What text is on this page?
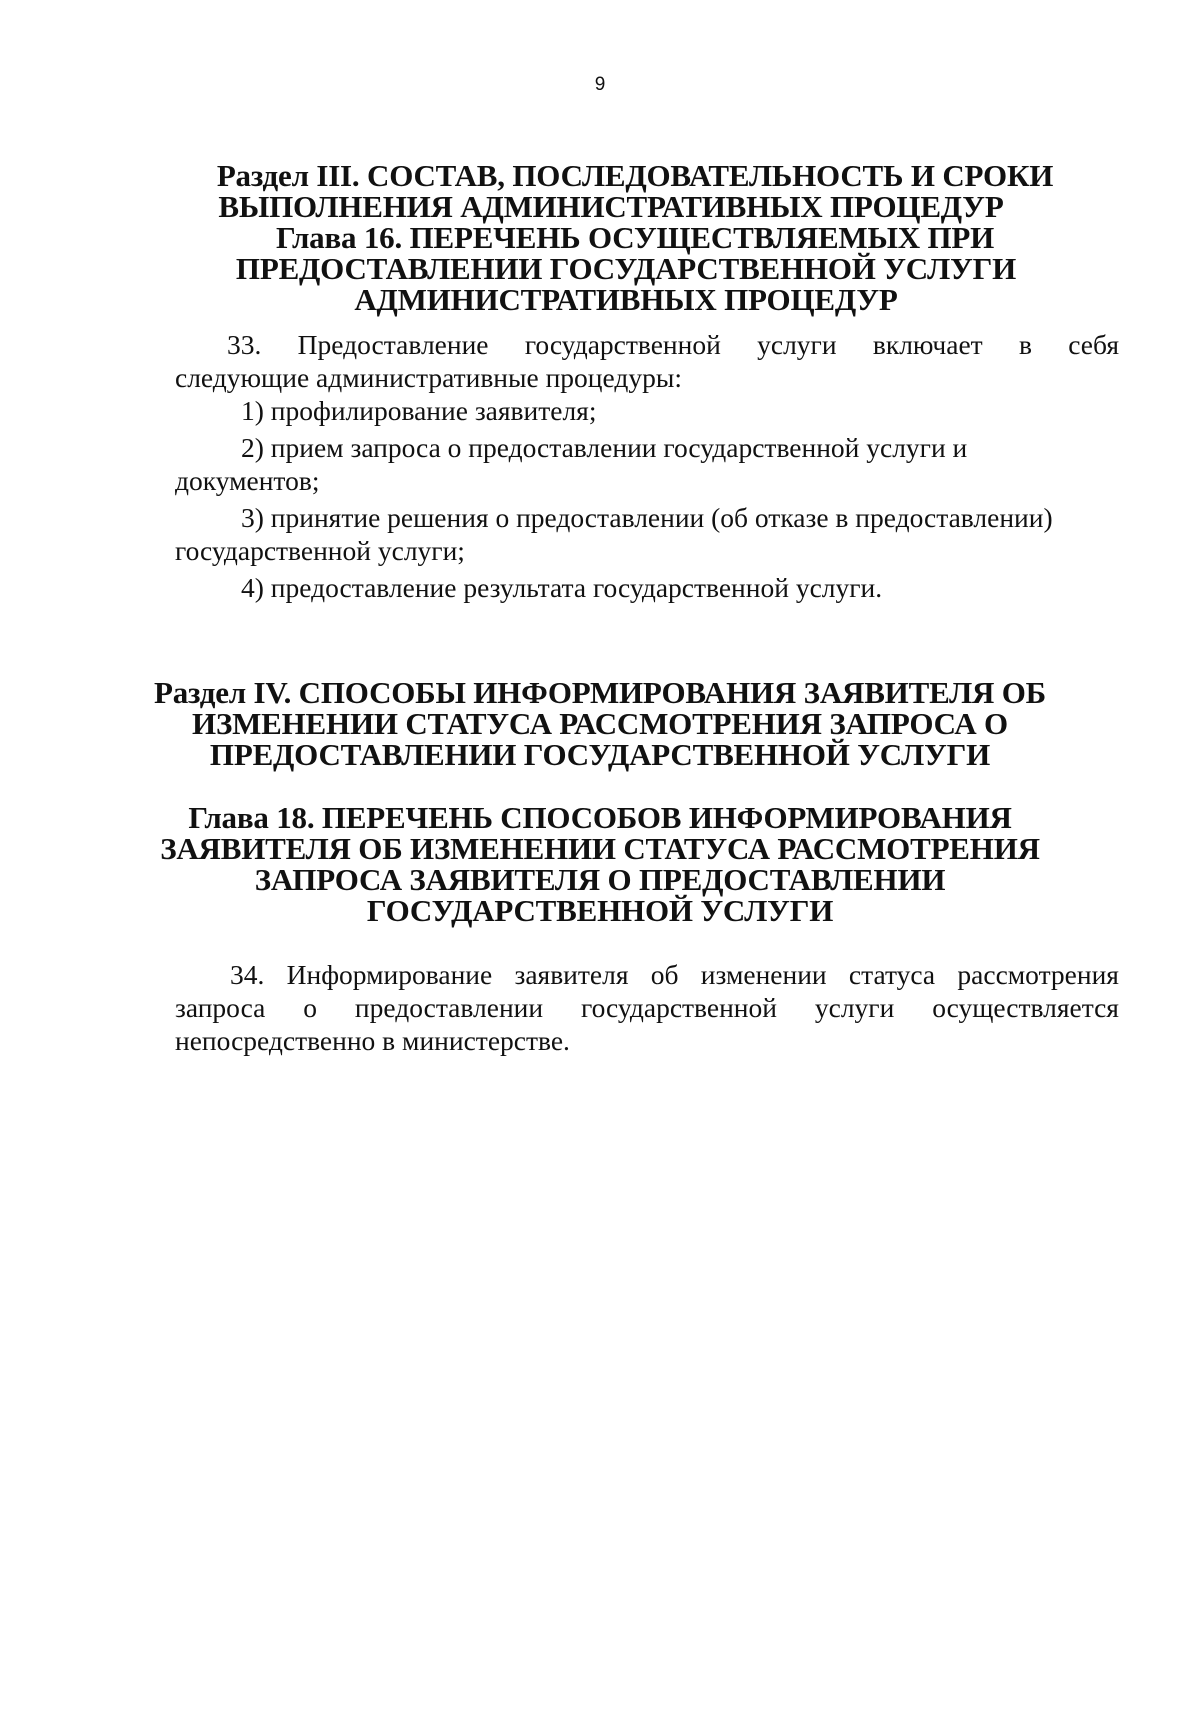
9
Раздел III. СОСТАВ, ПОСЛЕДОВАТЕЛЬНОСТЬ И СРОКИ
ВЫПОЛНЕНИЯ АДМИНИСТРАТИВНЫХ ПРОЦЕДУР
Глава 16. ПЕРЕЧЕНЬ ОСУЩЕСТВЛЯЕМЫХ ПРИ
ПРЕДОСТАВЛЕНИИ ГОСУДАРСТВЕННОЙ УСЛУГИ
АДМИНИСТРАТИВНЫХ ПРОЦЕДУР
33. Предоставление государственной услуги включает в себя
следующие административные процедуры:
1) профилирование заявителя;
2) прием запроса о предоставлении государственной услуги и
документов;
3) принятие решения о предоставлении (об отказе в предоставлении)
государственной услуги;
4) предоставление результата государственной услуги.
Раздел IV. СПОСОБЫ ИНФОРМИРОВАНИЯ ЗАЯВИТЕЛЯ ОБ
ИЗМЕНЕНИИ СТАТУСА РАССМОТРЕНИЯ ЗАПРОСА О
ПРЕДОСТАВЛЕНИИ ГОСУДАРСТВЕННОЙ УСЛУГИ
Глава 18. ПЕРЕЧЕНЬ СПОСОБОВ ИНФОРМИРОВАНИЯ
ЗАЯВИТЕЛЯ ОБ ИЗМЕНЕНИИ СТАТУСА РАССМОТРЕНИЯ
ЗАПРОСА ЗАЯВИТЕЛЯ О ПРЕДОСТАВЛЕНИИ
ГОСУДАРСТВЕННОЙ УСЛУГИ
34. Информирование заявителя об изменении статуса рассмотрения
запроса о предоставлении государственной услуги осуществляется
непосредственно в министерстве.
